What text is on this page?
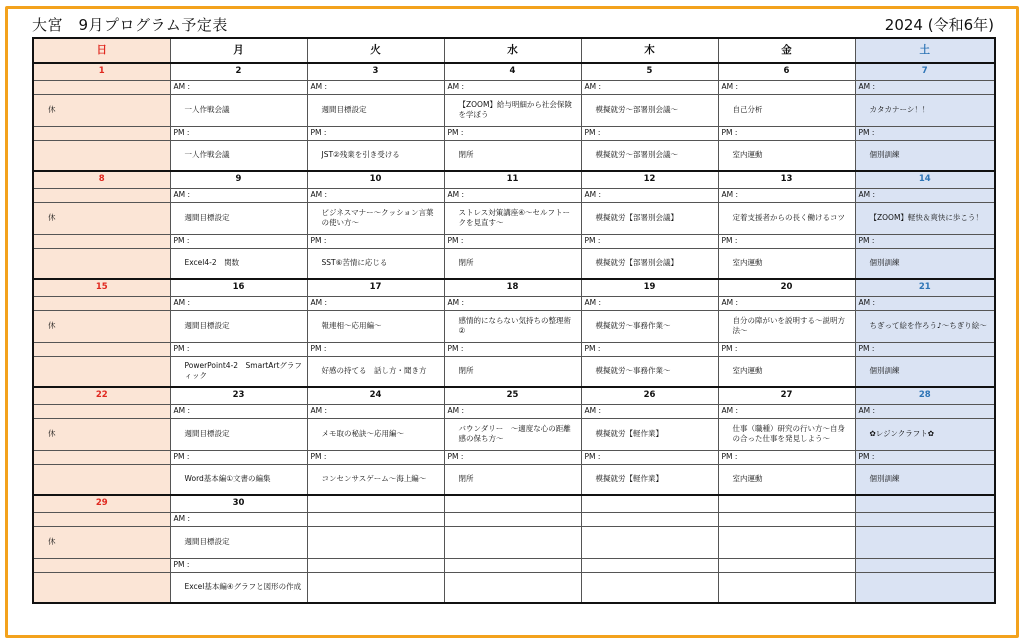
大宮　9月プログラム予定表	2024 (令和6年)
日	月	火	水	木	金	土
1	2	3	4	5	6	7
	AM :	AM :	AM :	AM :	AM :	AM :
休	一人作戦会議	週間目標設定	【ZOOM】給与明細から社会保険を学ぼう	模擬就労～部署別会議～	自己分析	カタカナーシ！！
	PM :	PM :	PM :	PM :	PM :	PM :
	一人作戦会議	JST②残業を引き受ける	閉所	模擬就労～部署別会議～	室内運動	個別訓練
8	9	10	11	12	13	14
	AM :	AM :	AM :	AM :	AM :	AM :
休	週間目標設定	ビジネスマナー～クッション言葉の使い方～	ストレス対策講座④～セルフトークを見直す～	模擬就労【部署別会議】	定着支援者からの長く働けるコツ	【ZOOM】軽快＆爽快に歩こう！
	PM :	PM :	PM :	PM :	PM :	PM :
	Excel4-2　関数	SST⑥苦情に応じる	閉所	模擬就労【部署別会議】	室内運動	個別訓練
15	16	17	18	19	20	21
	AM :	AM :	AM :	AM :	AM :	AM :
休	週間目標設定	報連相～応用編～	感情的にならない気持ちの整理術②	模擬就労～事務作業～	自分の障がいを説明する～説明方法～	ちぎって絵を作ろう♪～ちぎり絵～
	PM :	PM :	PM :	PM :	PM :	PM :
	PowerPoint4-2　SmartArtグラフィック	好感の持てる　話し方・聞き方	閉所	模擬就労～事務作業～	室内運動	個別訓練
22	23	24	25	26	27	28
	AM :	AM :	AM :	AM :	AM :	AM :
休	週間目標設定	メモ取の秘訣～応用編～	バウンダリー　～適度な心の距離感の保ち方～	模擬就労【軽作業】	仕事（職種）研究の行い方～自身の合った仕事を発見しよう～	✿レジンクラフト✿
	PM :	PM :	PM :	PM :	PM :	PM :
	Word基本編①文書の編集	コンセンサスゲーム～海上編～	閉所	模擬就労【軽作業】	室内運動	個別訓練
29	30					
	AM :					
休	週間目標設定					
	PM :					
	Excel基本編④グラフと図形の作成					
